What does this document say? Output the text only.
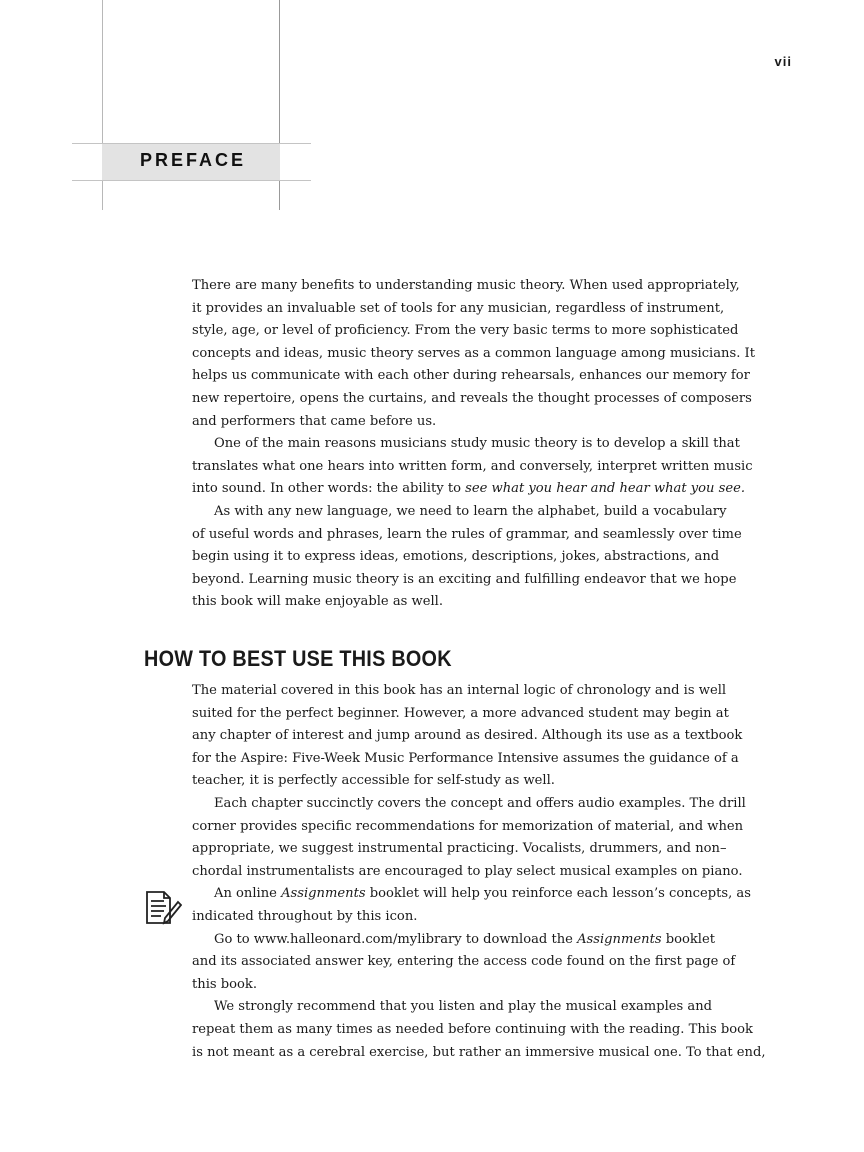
PREFACE
vii
There are many benefits to understanding music theory. When used appropriately,
it provides an invaluable set of tools for any musician, regardless of instrument,
style, age, or level of proficiency. From the very basic terms to more sophisticated
concepts and ideas, music theory serves as a common language among musicians. It
helps us communicate with each other during rehearsals, enhances our memory for
new repertoire, opens the curtains, and reveals the thought processes of composers
and performers that came before us.
One of the main reasons musicians study music theory is to develop a skill that
translates what one hears into written form, and conversely, interpret written music
into sound. In other words: the ability to see what you hear and hear what you see.
As with any new language, we need to learn the alphabet, build a vocabulary
of useful words and phrases, learn the rules of grammar, and seamlessly over time
begin using it to express ideas, emotions, descriptions, jokes, abstractions, and
beyond. Learning music theory is an exciting and fulfilling endeavor that we hope
this book will make enjoyable as well.
HOW TO BEST USE THIS BOOK
The material covered in this book has an internal logic of chronology and is well
suited for the perfect beginner. However, a more advanced student may begin at
any chapter of interest and jump around as desired. Although its use as a textbook
for the Aspire: Five-Week Music Performance Intensive assumes the guidance of a
teacher, it is perfectly accessible for self-study as well.
Each chapter succinctly covers the concept and offers audio examples. The drill
corner provides specific recommendations for memorization of material, and when
appropriate, we suggest instrumental practicing. Vocalists, drummers, and non–
chordal instrumentalists are encouraged to play select musical examples on piano.
An online Assignments booklet will help you reinforce each lesson’s concepts, as
indicated throughout by this icon.
Go to www.halleonard.com/mylibrary to download the Assignments booklet
and its associated answer key, entering the access code found on the first page of
this book.
We strongly recommend that you listen and play the musical examples and
repeat them as many times as needed before continuing with the reading. This book
is not meant as a cerebral exercise, but rather an immersive musical one. To that end,
